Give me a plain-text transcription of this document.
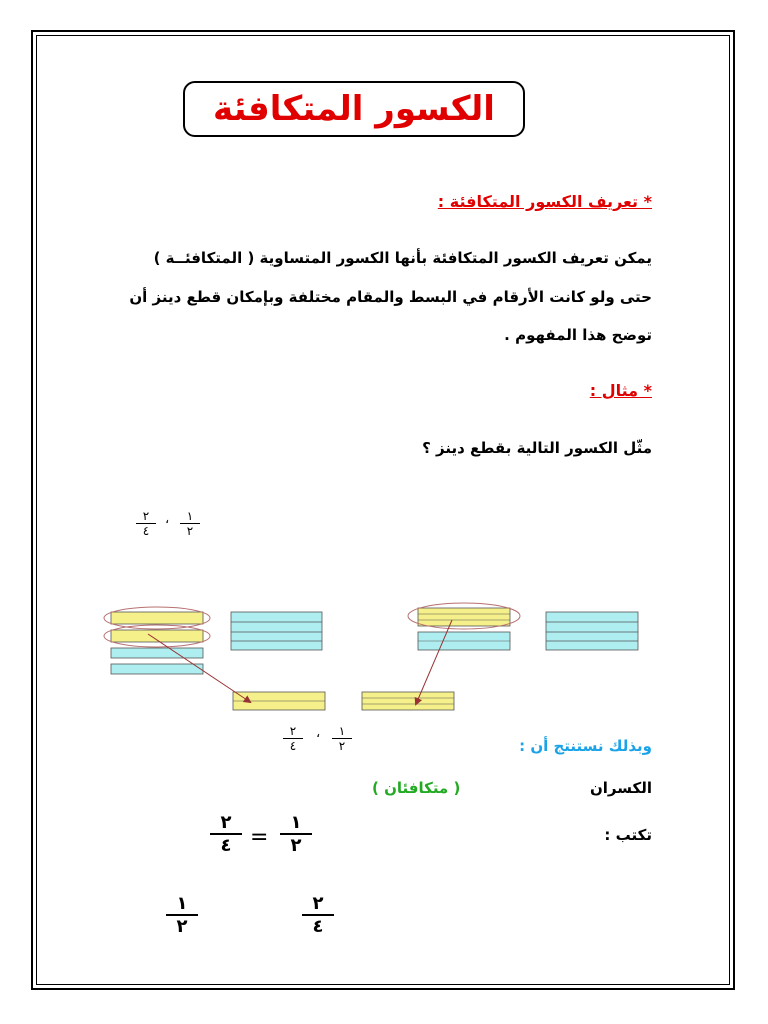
الكسور المتكافئة
* تعريف الكسور المتكافئة :
يمكن تعريف الكسور المتكافئة بأنها الكسور المتساوية ( المتكافئــة )
حتى ولو كانت الأرقام في البسط والمقام مختلفة وبإمكان قطع دينز أن
توضح هذا المفهوم .
* مثال :
مثّل الكسور التالية بقطع دينز ؟
١
٢
،
٢
٤
١
٢
،
٢
٤	وبذلك نستنتج أن :
الكسران
( متكافئان )
تكتب :
٢
٤ =
١
٢
١
٢
٢
٤
